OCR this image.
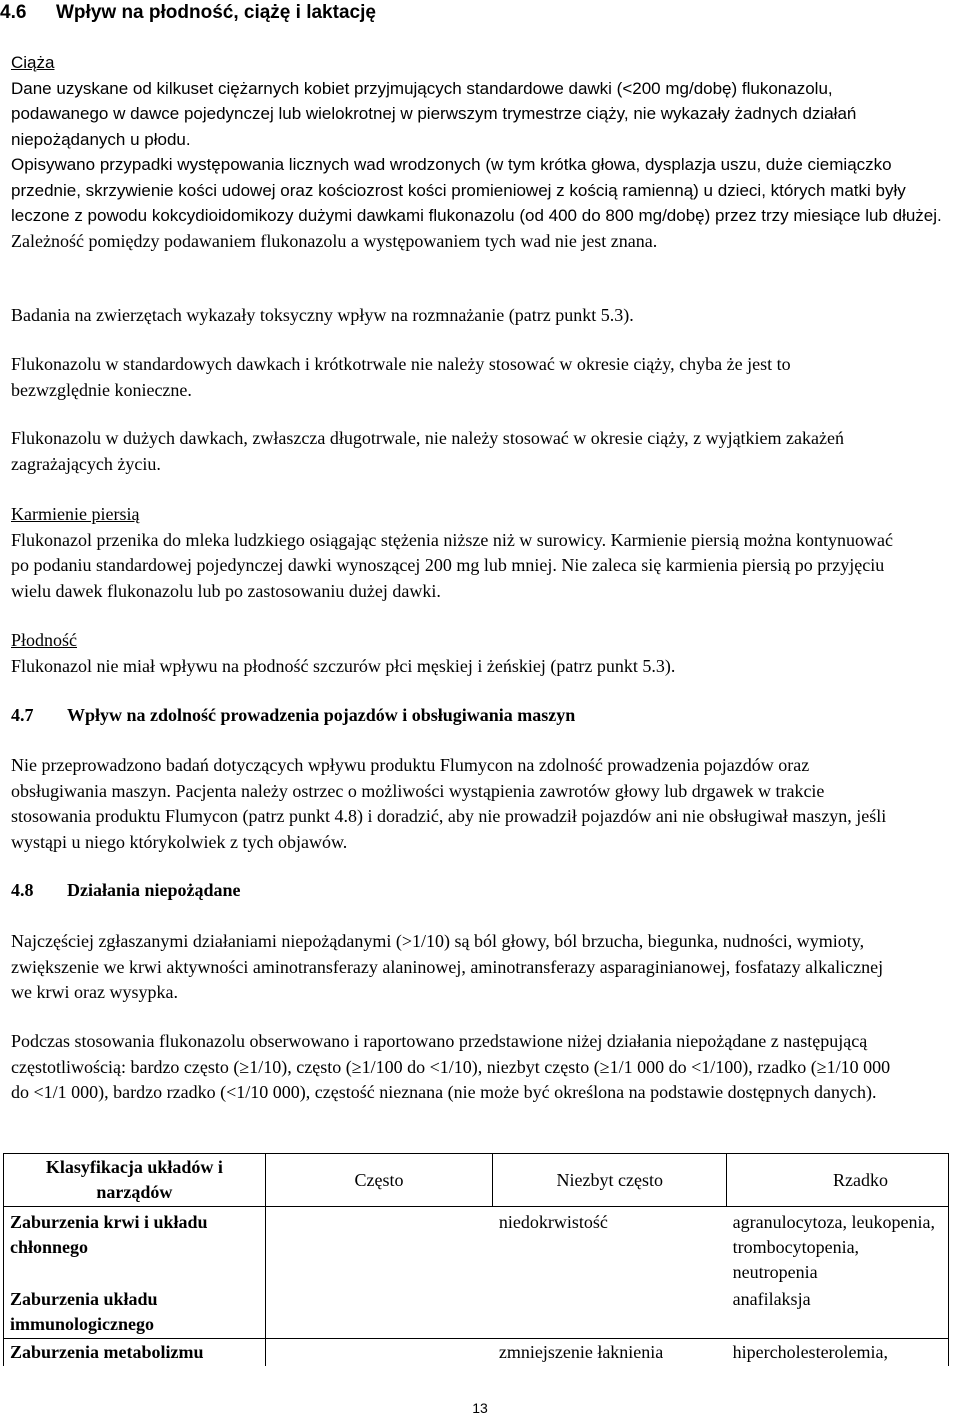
4.6 Wpływ na płodność, ciążę i laktację

Ciąża

Dane uzyskane od kilkuset ciężarnych kobiet przyjmujących standardowe dawki (<200 mg/dobę) flukonazolu, podawanego w dawce pojedynczej lub wielokrotnej w pierwszym trymestrze ciąży, nie wykazały żadnych działań niepożądanych u płodu.

Opisywano przypadki występowania licznych wad wrodzonych (w tym krótka głowa, dysplazja uszu, duże ciemiączko przednie, skrzywienie kości udowej oraz kościozrost kości promieniowej z kością ramienną) u dzieci, których matki były leczone z powodu kokcydioidomikozy dużymi dawkami flukonazolu (od 400 do 800 mg/dobę) przez trzy miesiące lub dłużej. Zależność pomiędzy podawaniem flukonazolu a występowaniem tych wad nie jest znana.

Badania na zwierzętach wykazały toksyczny wpływ na rozmnażanie (patrz punkt 5.3).

Flukonazolu w standardowych dawkach i krótkotrwale nie należy stosować w okresie ciąży, chyba że jest to bezwzględnie konieczne.

Flukonazolu w dużych dawkach, zwłaszcza długotrwale, nie należy stosować w okresie ciąży, z wyjątkiem zakażeń zagrażających życiu.

Karmienie piersią

Flukonazol przenika do mleka ludzkiego osiągając stężenia niższe niż w surowicy. Karmienie piersią można kontynuować po podaniu standardowej pojedynczej dawki wynoszącej 200 mg lub mniej. Nie zaleca się karmienia piersią po przyjęciu wielu dawek flukonazolu lub po zastosowaniu dużej dawki.

Płodność

Flukonazol nie miał wpływu na płodność szczurów płci męskiej i żeńskiej (patrz punkt 5.3).

4.7 Wpływ na zdolność prowadzenia pojazdów i obsługiwania maszyn

Nie przeprowadzono badań dotyczących wpływu produktu Flumycon na zdolność prowadzenia pojazdów oraz obsługiwania maszyn. Pacjenta należy ostrzec o możliwości wystąpienia zawrotów głowy lub drgawek w trakcie stosowania produktu Flumycon (patrz punkt 4.8) i doradzić, aby nie prowadził pojazdów ani nie obsługiwał maszyn, jeśli wystąpi u niego którykolwiek z tych objawów.

4.8 Działania niepożądane

Najczęściej zgłaszanymi działaniami niepożądanymi (>1/10) są ból głowy, ból brzucha, biegunka, nudności, wymioty, zwiększenie we krwi aktywności aminotransferazy alaninowej, aminotransferazy asparaginianowej, fosfatazy alkalicznej we krwi oraz wysypka.

Podczas stosowania flukonazolu obserwowano i raportowano przedstawione niżej działania niepożądane z następującą częstotliwością: bardzo często (≥1/10), często (≥1/100 do <1/10), niezbyt często (≥1/1 000 do <1/100), rzadko (≥1/10 000 do <1/1 000), bardzo rzadko (<1/10 000), częstość nieznana (nie może być określona na podstawie dostępnych danych).

Klasyfikacja układów i narządów	Często	Niezbyt często	Rzadko
Zaburzenia krwi i układu chłonnego		niedokrwistość	agranulocytoza, leukopenia, trombocytopenia, neutropenia
Zaburzenia układu immunologicznego			anafilaksja
Zaburzenia metabolizmu		zmniejszenie łaknienia	hipercholesterolemia,
13
